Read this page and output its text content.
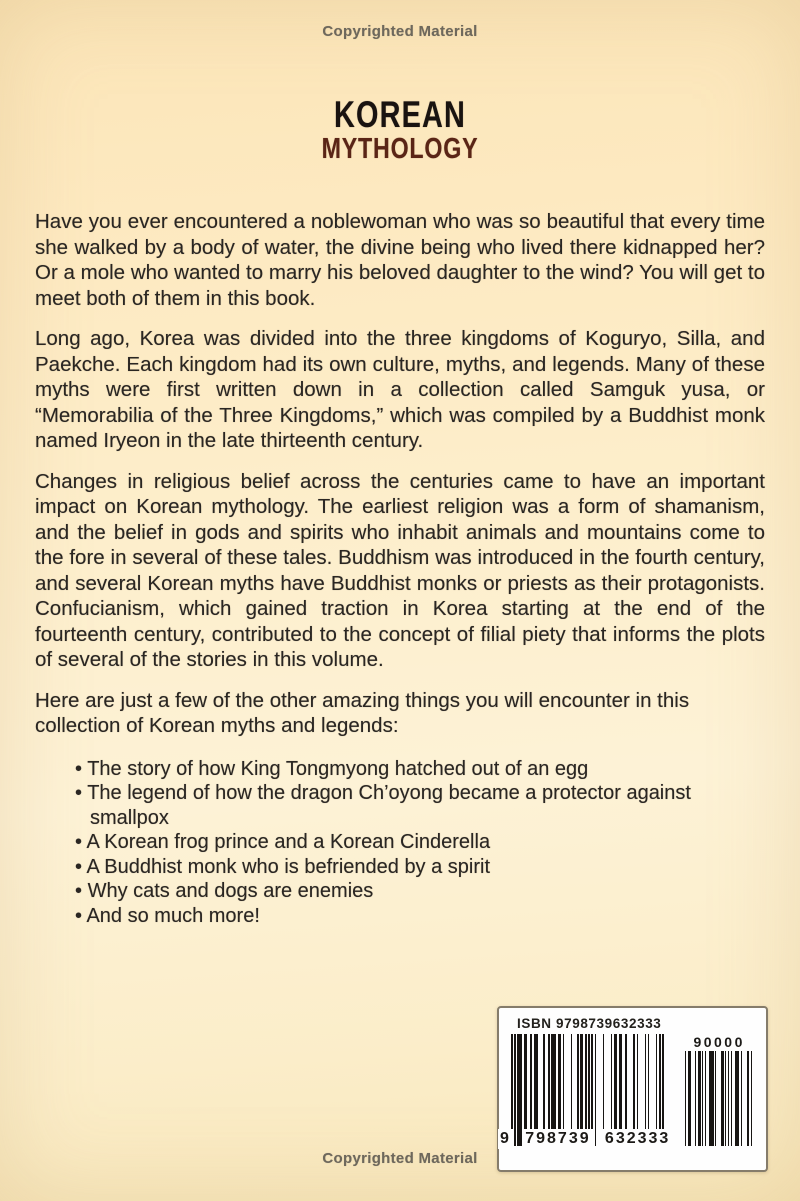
Copyrighted Material
KOREAN
MYTHOLOGY

Have you ever encountered a noblewoman who was so beautiful that every time she walked by a body of water, the divine being who lived there kidnapped her? Or a mole who wanted to marry his beloved daughter to the wind? You will get to meet both of them in this book.

Long ago, Korea was divided into the three kingdoms of Koguryo, Silla, and Paekche. Each kingdom had its own culture, myths, and legends. Many of these myths were first written down in a collection called Samguk yusa, or “Memorabilia of the Three Kingdoms,” which was compiled by a Buddhist monk named Iryeon in the late thirteenth century.

Changes in religious belief across the centuries came to have an important impact on Korean mythology. The earliest religion was a form of shamanism, and the belief in gods and spirits who inhabit animals and mountains come to the fore in several of these tales. Buddhism was introduced in the fourth century, and several Korean myths have Buddhist monks or priests as their protagonists. Confucianism, which gained traction in Korea starting at the end of the fourteenth century, contributed to the concept of filial piety that informs the plots of several of the stories in this volume.

Here are just a few of the other amazing things you will encounter in this collection of Korean myths and legends:

• The story of how King Tongmyong hatched out of an egg
• The legend of how the dragon Ch’oyong became a protector against smallpox
• A Korean frog prince and a Korean Cinderella
• A Buddhist monk who is befriended by a spirit
• Why cats and dogs are enemies
• And so much more!
ISBN 9798739632333
9 798739 632333
90000
Copyrighted Material
